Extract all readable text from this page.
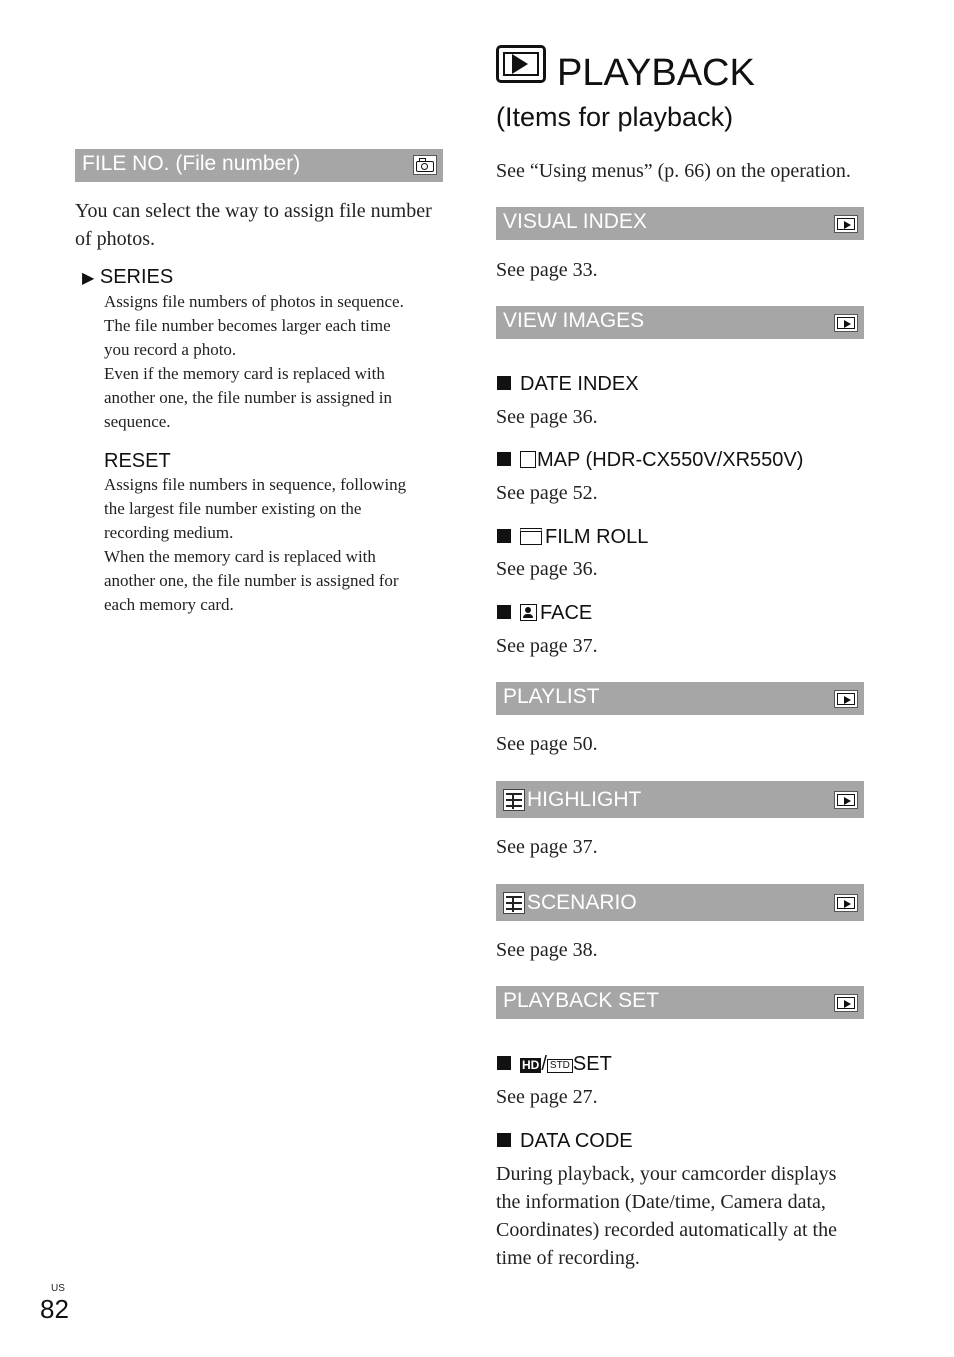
PLAYBACK
(Items for playback)
FILE NO. (File number)
You can select the way to assign file number of photos.
▶ SERIES
Assigns file numbers of photos in sequence.
The file number becomes larger each time
you record a photo.
Even if the memory card is replaced with
another one, the file number is assigned in
sequence.
RESET
Assigns file numbers in sequence, following
the largest file number existing on the
recording medium.
When the memory card is replaced with
another one, the file number is assigned for
each memory card.
See “Using menus” (p. 66) on the operation.
VISUAL INDEX
See page 33.
VIEW IMAGES
DATE INDEX
See page 36.
MAP (HDR-CX550V/XR550V)
See page 52.
FILM ROLL
See page 36.
FACE
See page 37.
PLAYLIST
See page 50.
HIGHLIGHT
See page 37.
SCENARIO
See page 38.
PLAYBACK SET
HD / STD SET
See page 27.
DATA CODE
During playback, your camcorder displays
the information (Date/time, Camera data,
Coordinates) recorded automatically at the
time of recording.
US
82
